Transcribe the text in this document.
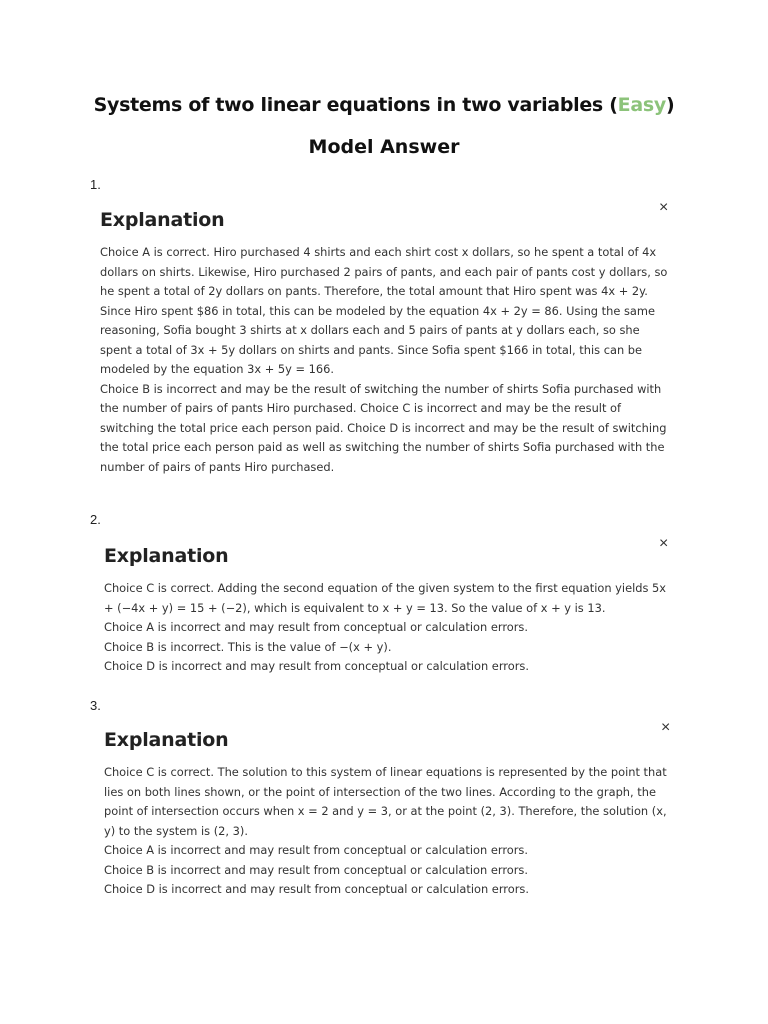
Systems of two linear equations in two variables (Easy)
Model Answer
1.
×
Explanation

Choice A is correct. Hiro purchased 4 shirts and each shirt cost x dollars, so he spent a total of 4x dollars on shirts. Likewise, Hiro purchased 2 pairs of pants, and each pair of pants cost y dollars, so he spent a total of 2y dollars on pants. Therefore, the total amount that Hiro spent was 4x + 2y. Since Hiro spent $86 in total, this can be modeled by the equation 4x + 2y = 86. Using the same reasoning, Sofia bought 3 shirts at x dollars each and 5 pairs of pants at y dollars each, so she spent a total of 3x + 5y dollars on shirts and pants. Since Sofia spent $166 in total, this can be modeled by the equation 3x + 5y = 166.

Choice B is incorrect and may be the result of switching the number of shirts Sofia purchased with the number of pairs of pants Hiro purchased. Choice C is incorrect and may be the result of switching the total price each person paid. Choice D is incorrect and may be the result of switching the total price each person paid as well as switching the number of shirts Sofia purchased with the number of pairs of pants Hiro purchased.

2.
×
Explanation

Choice C is correct. Adding the second equation of the given system to the first equation yields 5x + (−4x + y) = 15 + (−2), which is equivalent to x + y = 13. So the value of x + y is 13.

Choice A is incorrect and may result from conceptual or calculation errors.

Choice B is incorrect. This is the value of −(x + y).

Choice D is incorrect and may result from conceptual or calculation errors.

3.
×
Explanation

Choice C is correct. The solution to this system of linear equations is represented by the point that lies on both lines shown, or the point of intersection of the two lines. According to the graph, the point of intersection occurs when x = 2 and y = 3, or at the point (2, 3). Therefore, the solution (x, y) to the system is (2, 3).

Choice A is incorrect and may result from conceptual or calculation errors.

Choice B is incorrect and may result from conceptual or calculation errors.

Choice D is incorrect and may result from conceptual or calculation errors.
